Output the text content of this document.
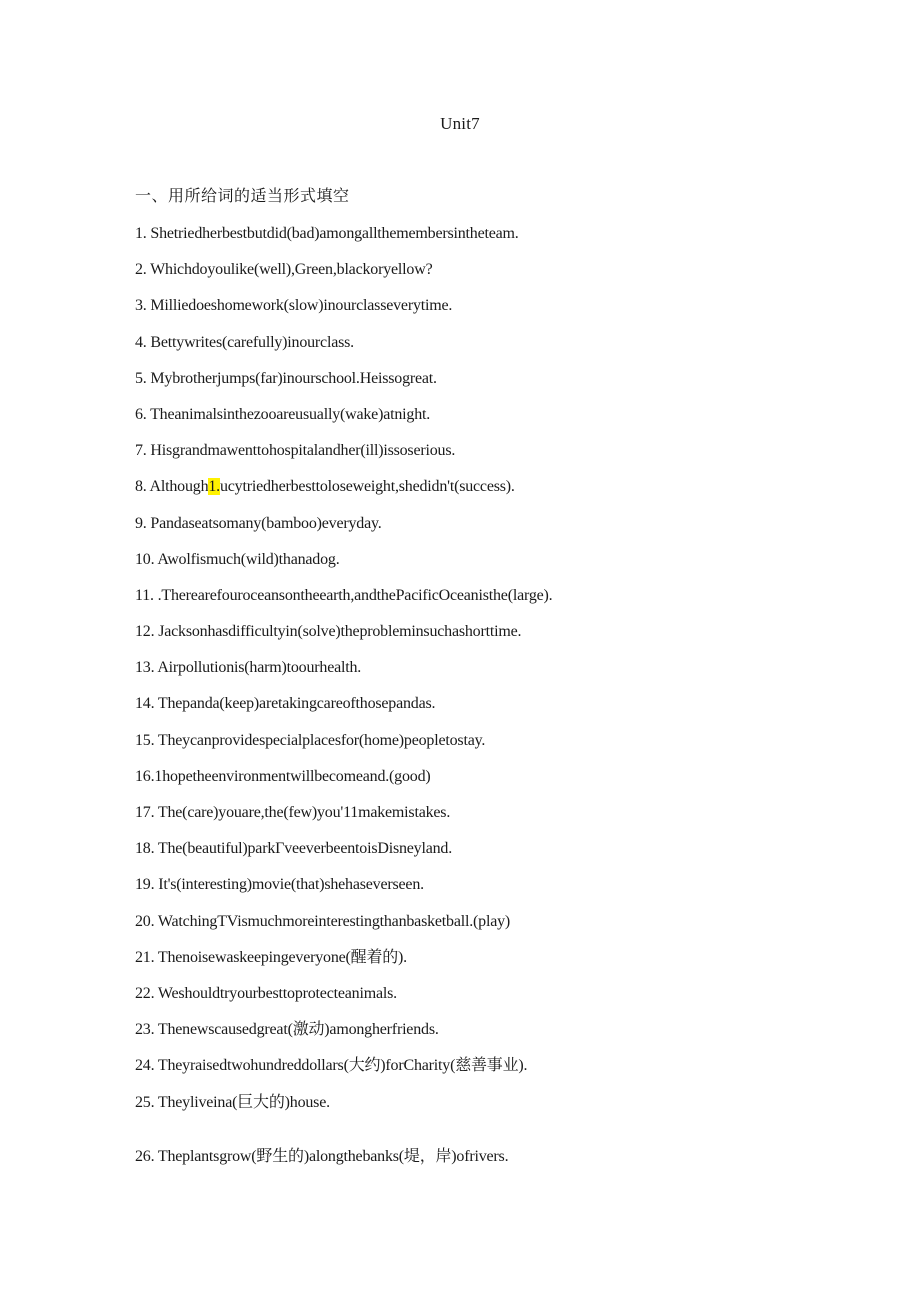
Unit7
一、用所给词的适当形式填空
1. Shetriedherbestbutdid(bad)amongallthemembersintheteam.
2. Whichdoyoulike(well),Green,blackoryellow?
3. Milliedoeshomework(slow)inourclasseverytime.
4. Bettywrites(carefully)inourclass.
5. Mybrotherjumps(far)inourschool.Heissogreat.
6. Theanimalsinthezooareusually(wake)atnight.
7. Hisgrandmawenttohospitalandher(ill)issoserious.
8. Although1.ucytriedherbesttoloseweight,shedidn't(success).
9. Pandaseatsomany(bamboo)everyday.
10. Awolfismuch(wild)thanadog.
11. .Therearefouroceansontheearth,andthePacificOceanisthe(large).
12. Jacksonhasdifficultyin(solve)theprobleminsuchashorttime.
13. Airpollutionis(harm)toourhealth.
14. Thepanda(keep)aretakingcareofthosepandas.
15. Theycanprovidespecialplacesfor(home)peopletostay.
16.1hopetheenvironmentwillbecomeand.(good)
17. The(care)youare,the(few)you'11makemistakes.
18. The(beautiful)parkΓveeverbeentoisDisneyland.
19. It's(interesting)movie(that)shehaseverseen.
20. WatchingTVismuchmoreinterestingthanbasketball.(play)
21. Thenoisewaskeepingeveryone(醒着的).
22. Weshouldtryourbesttoprotecteanimals.
23. Thenewscausedgreat(激动)amongherfriends.
24. Theyraisedtwohundreddollars(大约)forCharity(慈善事业).
25. Theyliveina(巨大的)house.
26. Theplantsgrow(野生的)alongthebanks(堤，岸)ofrivers.
